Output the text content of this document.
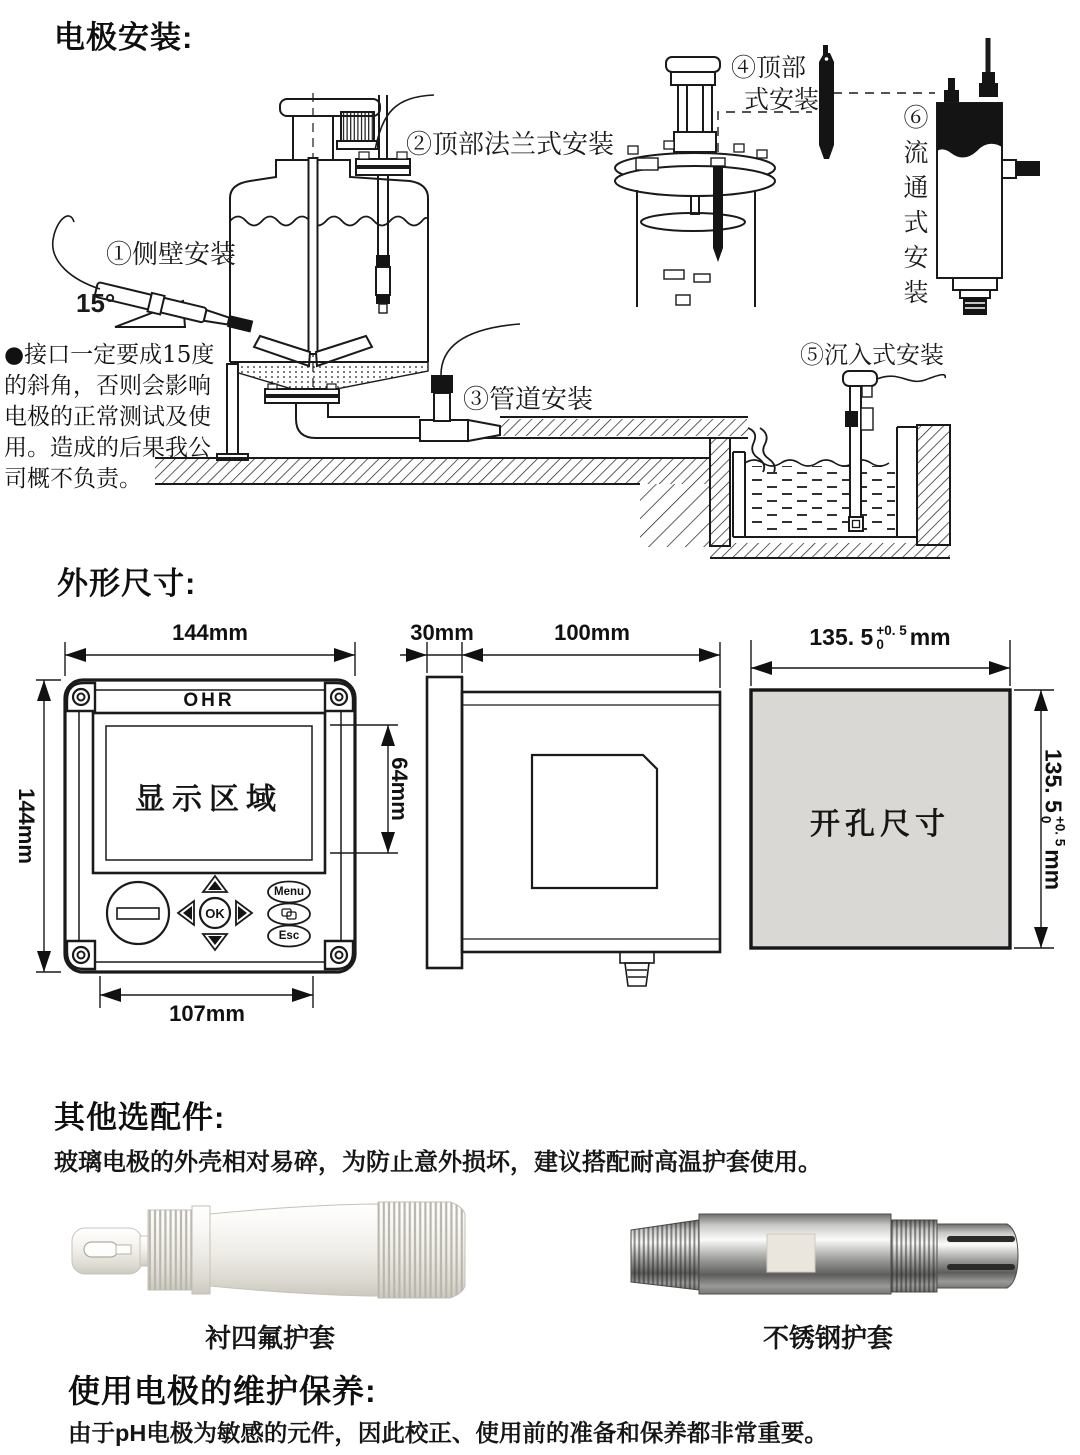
电极安装:
①侧壁安装
15°
②顶部法兰式安装
③管道安装
④顶部
式安装
⑤沉入式安装
⑥流通式安装
●接口一定要成15度
的斜角，否则会影响
电极的正常测试及使
用。造成的后果我公
司概不负责。
外形尺寸:
144mm
144mm
107mm
64mm
30mm	100mm	135. 5 +0. 5
0	mm
135. 5
+0. 5
0
mm
OHR
显示区域
OK
Menu
Esc
开孔尺寸
其他选配件:
玻璃电极的外壳相对易碎，为防止意外损坏，建议搭配耐高温护套使用。
衬四氟护套	不锈钢护套
使用电极的维护保养:
由于pH电极为敏感的元件，因此校正、使用前的准备和保养都非常重要。
